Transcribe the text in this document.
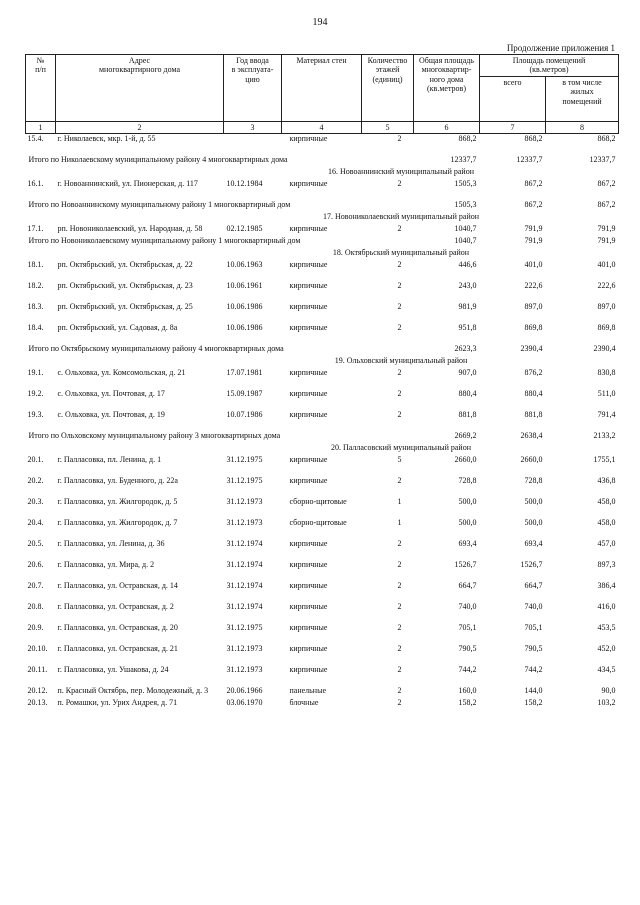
194
Продолжение приложения 1
№
п/п	Адрес
многоквартирного дома	Год ввода
в эксплуата-
цию	Материал стен	Количество
этажей
(единиц)	Общая площадь
многоквартир-
ного дома
(кв.метров)	Площадь помещений
(кв.метров)	
						всего	в том числе
жилых
помещений
1	2	3	4	5	6	7	8
15.4.	г. Николаевск, мкр. 1-й, д. 55		кирпичные	2	868,2	868,2	868,2

Итого по Николаевскому муниципальному району 4 многоквартирных дома					12337,7	12337,7	12337,7
16. Новоаннинский муниципальный район							
16.1.	г. Новоаннинский, ул. Пионерская, д. 117	10.12.1984	кирпичные	2	1505,3	867,2	867,2

Итого по Новоаннинскому муниципальному району 1 многоквартирный дом					1505,3	867,2	867,2
17. Новониколаевский муниципальный район							
17.1.	рп. Новониколаевский, ул. Народная, д. 58	02.12.1985	кирпичные	2	1040,7	791,9	791,9
Итого по Новониколаевскому муниципальному району 1 многоквартирный дом					1040,7	791,9	791,9
18. Октябрьский муниципальный район							
18.1.	рп. Октябрьский, ул. Октябрьская, д. 22	10.06.1963	кирпичные	2	446,6	401,0	401,0

18.2.	рп. Октябрьский, ул. Октябрьская, д. 23	10.06.1961	кирпичные	2	243,0	222,6	222,6

18.3.	рп. Октябрьский, ул. Октябрьская, д. 25	10.06.1986	кирпичные	2	981,9	897,0	897,0

18.4.	рп. Октябрьский, ул. Садовая, д. 8а	10.06.1986	кирпичные	2	951,8	869,8	869,8

Итого по Октябрьскому муниципальному району 4 многоквартирных дома					2623,3	2390,4	2390,4
19. Ольховский муниципальный район							
19.1.	с. Ольховка, ул. Комсомольская, д. 21	17.07.1981	кирпичные	2	907,0	876,2	830,8

19.2.	с. Ольховка, ул. Почтовая, д. 17	15.09.1987	кирпичные	2	880,4	880,4	511,0

19.3.	с. Ольховка, ул. Почтовая, д. 19	10.07.1986	кирпичные	2	881,8	881,8	791,4

Итого по Ольховскому муниципальному району 3 многоквартирных дома					2669,2	2638,4	2133,2
20. Палласовский муниципальный район							
20.1.	г. Палласовка, пл. Ленина, д. 1	31.12.1975	кирпичные	5	2660,0	2660,0	1755,1

20.2.	г. Палласовка, ул. Буденного, д. 22а	31.12.1975	кирпичные	2	728,8	728,8	436,8

20.3.	г. Палласовка, ул. Жилгородок, д. 5	31.12.1973	сборно-щитовые	1	500,0	500,0	458,0

20.4.	г. Палласовка, ул. Жилгородок, д. 7	31.12.1973	сборно-щитовые	1	500,0	500,0	458,0

20.5.	г. Палласовка, ул. Ленина, д. 36	31.12.1974	кирпичные	2	693,4	693,4	457,0

20.6.	г. Палласовка, ул. Мира, д. 2	31.12.1974	кирпичные	2	1526,7	1526,7	897,3

20.7.	г. Палласовка, ул. Остравская, д. 14	31.12.1974	кирпичные	2	664,7	664,7	386,4

20.8.	г. Палласовка, ул. Остравская, д. 2	31.12.1974	кирпичные	2	740,0	740,0	416,0

20.9.	г. Палласовка, ул. Остравская, д. 20	31.12.1975	кирпичные	2	705,1	705,1	453,5

20.10.	г. Палласовка, ул. Остравская, д. 21	31.12.1973	кирпичные	2	790,5	790,5	452,0

20.11.	г. Палласовка, ул. Ушакова, д. 24	31.12.1973	кирпичные	2	744,2	744,2	434,5

20.12.	п. Красный Октябрь, пер. Молодежный, д. 3	20.06.1966	панельные	2	160,0	144,0	90,0
20.13.	п. Ромашки, ул. Урих Андрея, д. 71	03.06.1970	блочные	2	158,2	158,2	103,2
